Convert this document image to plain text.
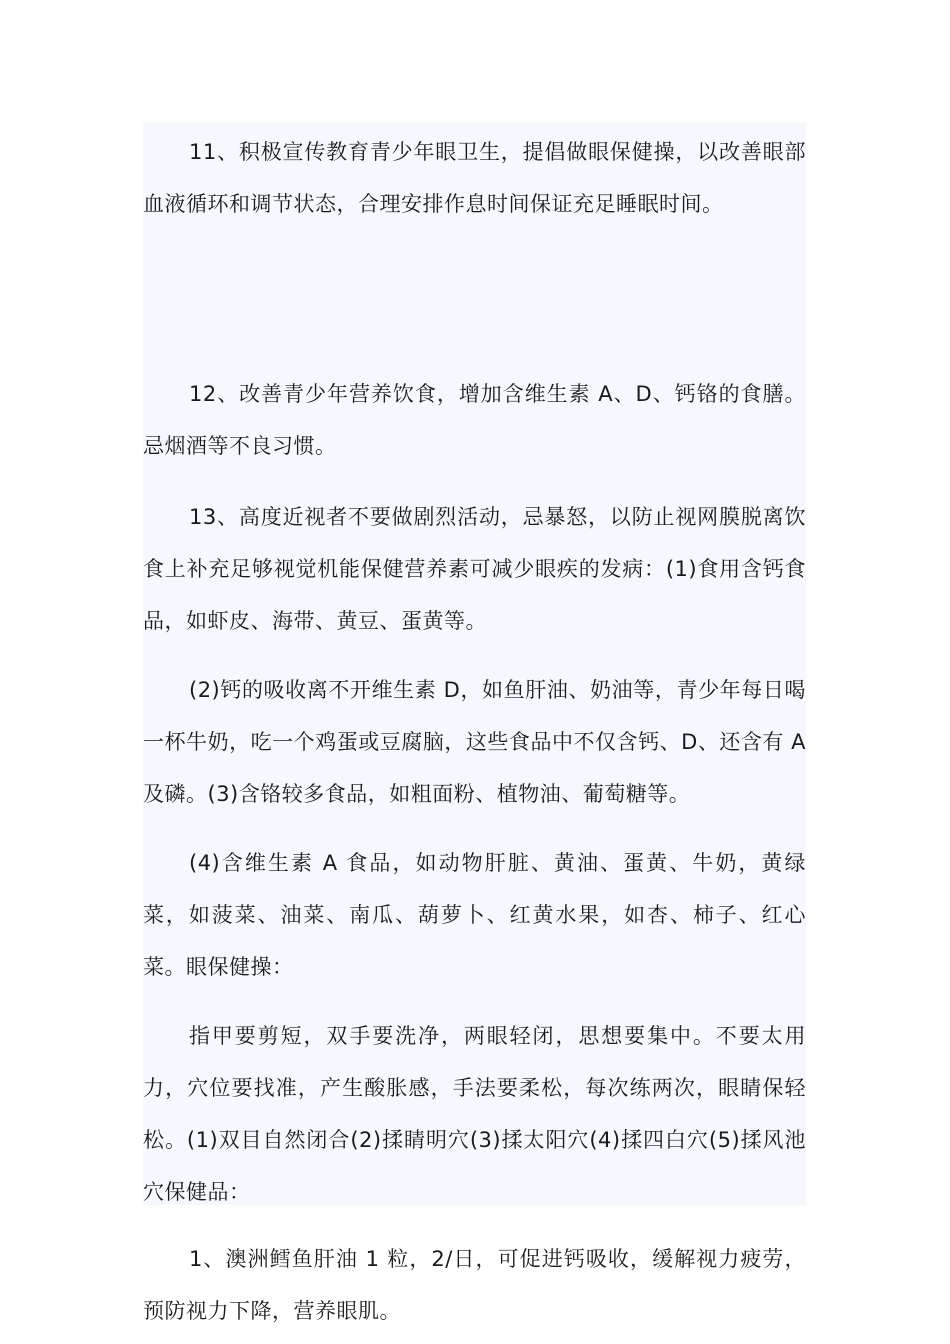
11、积极宣传教育青少年眼卫生，提倡做眼保健操，以改善眼部血液循环和调节状态，合理安排作息时间保证充足睡眠时间。

12、改善青少年营养饮食，增加含维生素 A、D、钙铬的食膳。忌烟酒等不良习惯。

13、高度近视者不要做剧烈活动，忌暴怒，以防止视网膜脱离饮食上补充足够视觉机能保健营养素可减少眼疾的发病：(1)食用含钙食品，如虾皮、海带、黄豆、蛋黄等。

(2)钙的吸收离不开维生素 D，如鱼肝油、奶油等，青少年每日喝一杯牛奶，吃一个鸡蛋或豆腐脑，这些食品中不仅含钙、D、还含有 A 及磷。(3)含铬较多食品，如粗面粉、植物油、葡萄糖等。

(4)含维生素 A 食品，如动物肝脏、黄油、蛋黄、牛奶，黄绿菜，如菠菜、油菜、南瓜、葫萝卜、红黄水果，如杏、柿子、红心菜。眼保健操：

指甲要剪短，双手要洗净，两眼轻闭，思想要集中。不要太用力，穴位要找准，产生酸胀感，手法要柔松，每次练两次，眼睛保轻松。(1)双目自然闭合(2)揉睛明穴(3)揉太阳穴(4)揉四白穴(5)揉风池穴保健品：

1、澳洲鳕鱼肝油 1 粒，2/日，可促进钙吸收，缓解视力疲劳，预防视力下降，营养眼肌。
